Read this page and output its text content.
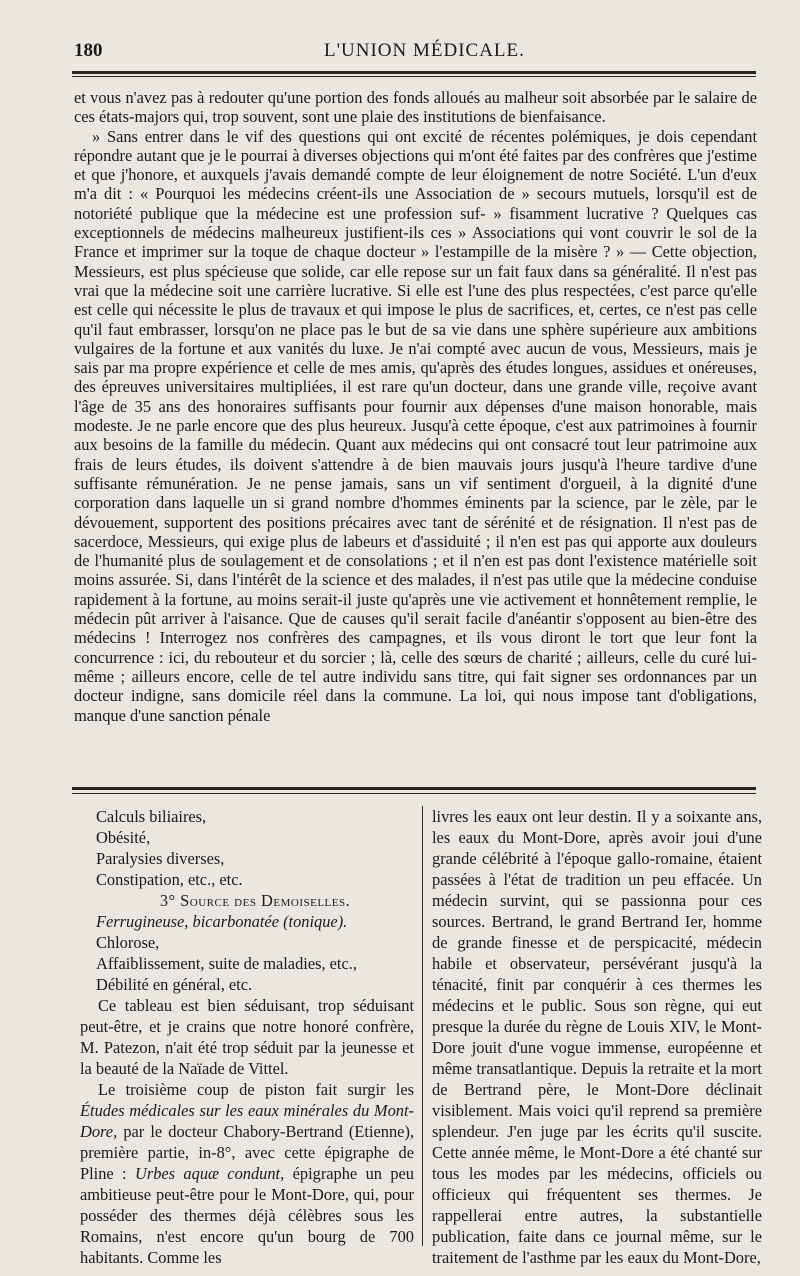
180	L'UNION MÉDICALE.

et vous n'avez pas à redouter qu'une portion des fonds alloués au malheur soit absorbée par le salaire de ces états-majors qui, trop souvent, sont une plaie des institutions de bienfaisance.

» Sans entrer dans le vif des questions qui ont excité de récentes polémiques, je dois cependant répondre autant que je le pourrai à diverses objections qui m'ont été faites par des confrères que j'estime et que j'honore, et auxquels j'avais demandé compte de leur éloignement de notre Société. L'un d'eux m'a dit : « Pourquoi les médecins créent-ils une Association de » secours mutuels, lorsqu'il est de notoriété publique que la médecine est une profession suf- » fisamment lucrative ? Quelques cas exceptionnels de médecins malheureux justifient-ils ces » Associations qui vont couvrir le sol de la France et imprimer sur la toque de chaque docteur » l'estampille de la misère ? » — Cette objection, Messieurs, est plus spécieuse que solide, car elle repose sur un fait faux dans sa généralité. Il n'est pas vrai que la médecine soit une carrière lucrative. Si elle est l'une des plus respectées, c'est parce qu'elle est celle qui nécessite le plus de travaux et qui impose le plus de sacrifices, et, certes, ce n'est pas celle qu'il faut embrasser, lorsqu'on ne place pas le but de sa vie dans une sphère supérieure aux ambitions vulgaires de la fortune et aux vanités du luxe. Je n'ai compté avec aucun de vous, Messieurs, mais je sais par ma propre expérience et celle de mes amis, qu'après des études longues, assidues et onéreuses, des épreuves universitaires multipliées, il est rare qu'un docteur, dans une grande ville, reçoive avant l'âge de 35 ans des honoraires suffisants pour fournir aux dépenses d'une maison honorable, mais modeste. Je ne parle encore que des plus heureux. Jusqu'à cette époque, c'est aux patrimoines à fournir aux besoins de la famille du médecin. Quant aux médecins qui ont consacré tout leur patrimoine aux frais de leurs études, ils doivent s'attendre à de bien mauvais jours jusqu'à l'heure tardive d'une suffisante rémunération. Je ne pense jamais, sans un vif sentiment d'orgueil, à la dignité d'une corporation dans laquelle un si grand nombre d'hommes éminents par la science, par le zèle, par le dévouement, supportent des positions précaires avec tant de sérénité et de résignation. Il n'est pas de sacerdoce, Messieurs, qui exige plus de labeurs et d'assiduité ; il n'en est pas qui apporte aux douleurs de l'humanité plus de soulagement et de consolations ; et il n'en est pas dont l'existence matérielle soit moins assurée. Si, dans l'intérêt de la science et des malades, il n'est pas utile que la médecine conduise rapidement à la fortune, au moins serait-il juste qu'après une vie activement et honnêtement remplie, le médecin pût arriver à l'aisance. Que de causes qu'il serait facile d'anéantir s'opposent au bien-être des médecins ! Interrogez nos confrères des campagnes, et ils vous diront le tort que leur font la concurrence : ici, du rebouteur et du sorcier ; là, celle des sœurs de charité ; ailleurs, celle du curé lui-même ; ailleurs encore, celle de tel autre individu sans titre, qui fait signer ses ordonnances par un docteur indigne, sans domicile réel dans la commune. La loi, qui nous impose tant d'obligations, manque d'une sanction pénale

Calculs biliaires,

Obésité,

Paralysies diverses,

Constipation, etc., etc.

3° Source des Demoiselles.

Ferrugineuse, bicarbonatée (tonique).

Chlorose,

Affaiblissement, suite de maladies, etc.,

Débilité en général, etc.

Ce tableau est bien séduisant, trop séduisant peut-être, et je crains que notre honoré confrère, M. Patezon, n'ait été trop séduit par la jeunesse et la beauté de la Naïade de Vittel.

Le troisième coup de piston fait surgir les Études médicales sur les eaux minérales du Mont-Dore, par le docteur Chabory-Bertrand (Etienne), première partie, in-8°, avec cette épigraphe de Pline : Urbes aquæ condunt, épigraphe un peu ambitieuse peut-être pour le Mont-Dore, qui, pour posséder des thermes déjà célèbres sous les Romains, n'est encore qu'un bourg de 700 habitants. Comme les

livres les eaux ont leur destin. Il y a soixante ans, les eaux du Mont-Dore, après avoir joui d'une grande célébrité à l'époque gallo-romaine, étaient passées à l'état de tradition un peu effacée. Un médecin survint, qui se passionna pour ces sources. Bertrand, le grand Bertrand Ier, homme de grande finesse et de perspicacité, médecin habile et observateur, persévérant jusqu'à la ténacité, finit par conquérir à ces thermes les médecins et le public. Sous son règne, qui eut presque la durée du règne de Louis XIV, le Mont-Dore jouit d'une vogue immense, européenne et même transatlantique. Depuis la retraite et la mort de Bertrand père, le Mont-Dore déclinait visiblement. Mais voici qu'il reprend sa première splendeur. J'en juge par les écrits qu'il suscite. Cette année même, le Mont-Dore a été chanté sur tous les modes par les médecins, officiels ou officieux qui fréquentent ses thermes. Je rappellerai entre autres, la substantielle publication, faite dans ce journal même, sur le traitement de l'asthme par les eaux du Mont-Dore,
